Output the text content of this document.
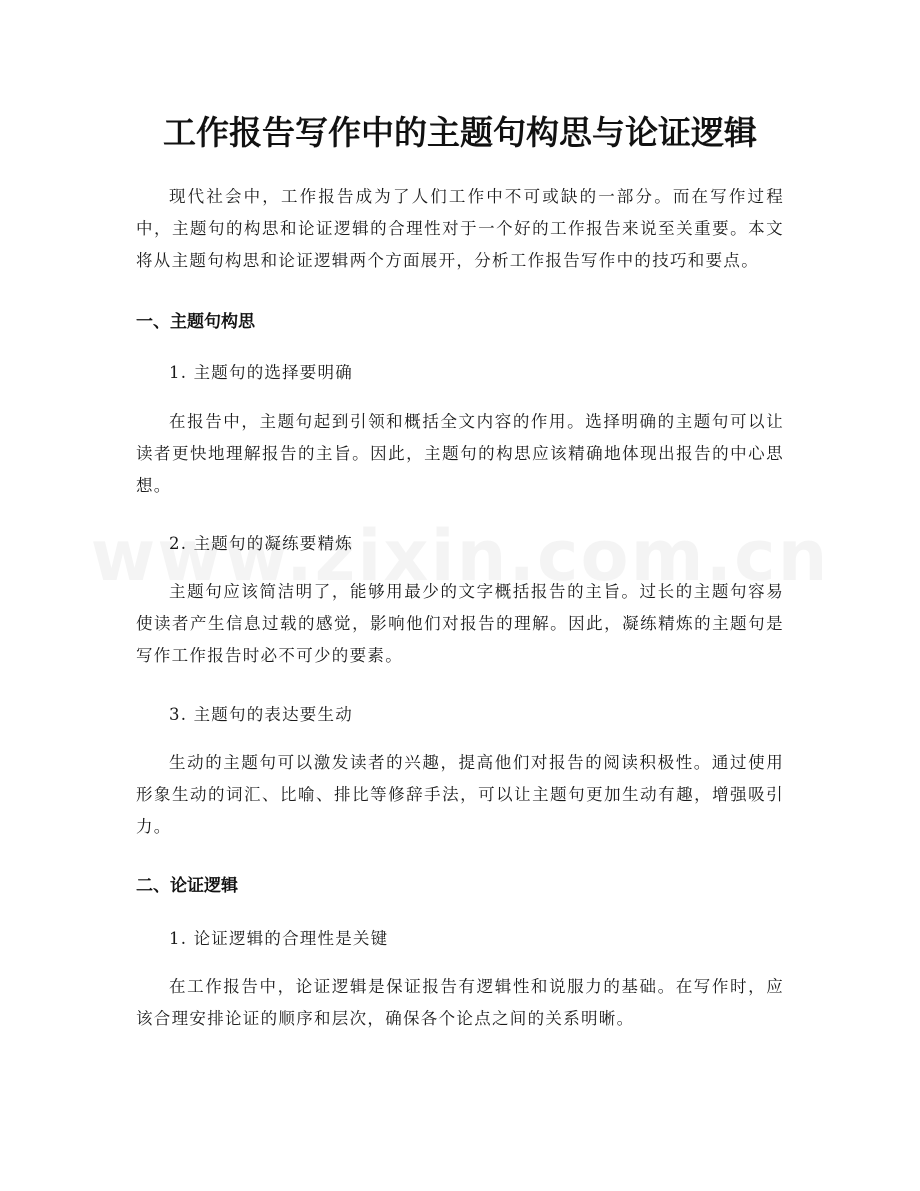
工作报告写作中的主题句构思与论证逻辑

现代社会中，工作报告成为了人们工作中不可或缺的一部分。而在写作过程中，主题句的构思和论证逻辑的合理性对于一个好的工作报告来说至关重要。本文将从主题句构思和论证逻辑两个方面展开，分析工作报告写作中的技巧和要点。

一、主题句构思

1. 主题句的选择要明确

在报告中，主题句起到引领和概括全文内容的作用。选择明确的主题句可以让读者更快地理解报告的主旨。因此，主题句的构思应该精确地体现出报告的中心思想。

2. 主题句的凝练要精炼

主题句应该简洁明了，能够用最少的文字概括报告的主旨。过长的主题句容易使读者产生信息过载的感觉，影响他们对报告的理解。因此，凝练精炼的主题句是写作工作报告时必不可少的要素。

3. 主题句的表达要生动

生动的主题句可以激发读者的兴趣，提高他们对报告的阅读积极性。通过使用形象生动的词汇、比喻、排比等修辞手法，可以让主题句更加生动有趣，增强吸引力。

二、论证逻辑

1. 论证逻辑的合理性是关键

在工作报告中，论证逻辑是保证报告有逻辑性和说服力的基础。在写作时，应该合理安排论证的顺序和层次，确保各个论点之间的关系明晰。
